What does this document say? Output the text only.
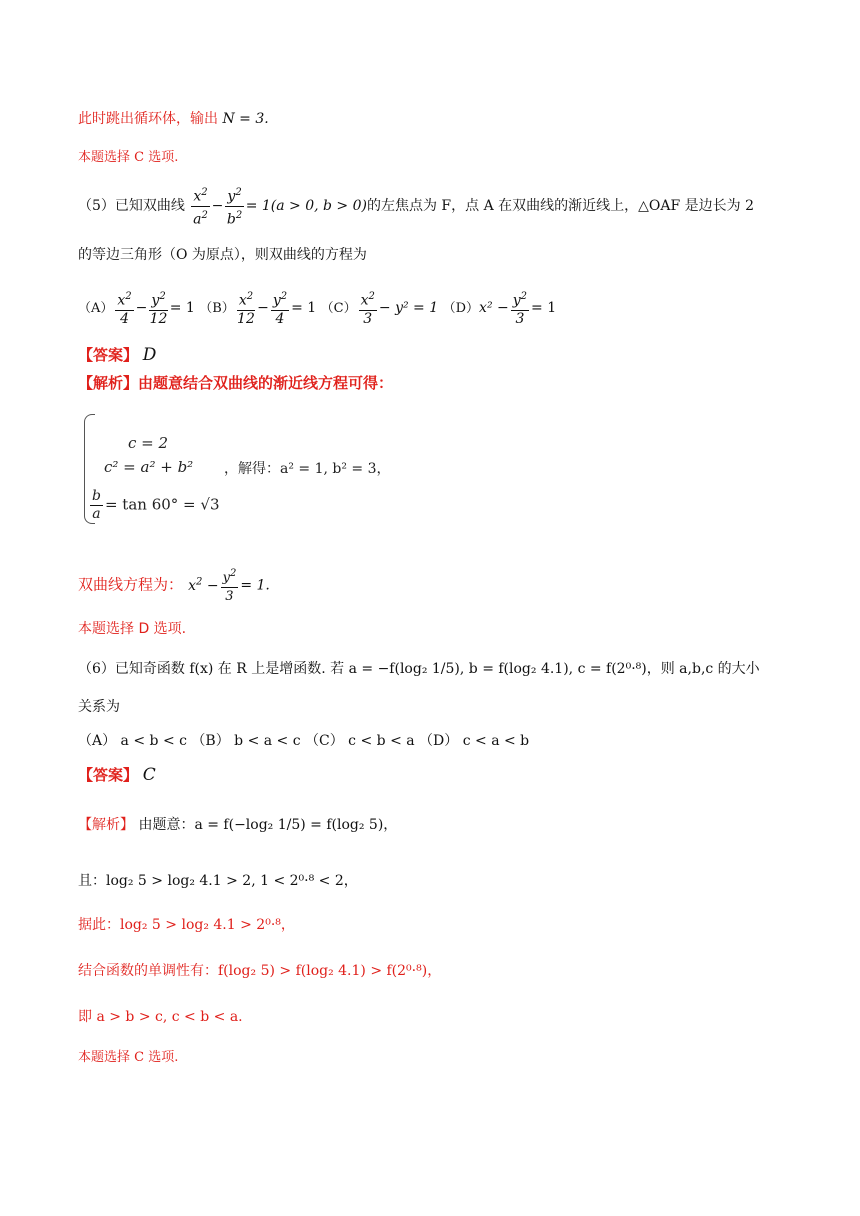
此时跳出循环体，输出 N = 3.
本题选择 C 选项.
（5）已知双曲线 $\frac{x^2}{a^2} - \frac{y^2}{b^2} = 1(a > 0$, b > 0)的左焦点为 F，点 A 在双曲线的渐近线上，△OAF 是边长为 2
的等边三角形（O 为原点），则双曲线的方程为
$(A) \frac{x^2}{4} - \frac{y^2}{12} = 1$ $(B) \frac{x^2}{12} - \frac{y^2}{4} = 1$ $(C) \frac{x^2}{3} - y^2 = 1$ $(D)x^2 - \frac{y^2}{3} = 1$
【答案】 D
【解析】由题意结合双曲线的渐近线方程可得：
c = 2
c² = a² + b² ，解得：a² = 1, b² = 3，
$\frac{b}{a} = \tan 60^\circ = √3$
双曲线方程为： $x^2 - \frac{y^2}{3} = 1$.
本题选择 D 选项.
（6）已知奇函数 f(x) 在 R 上是增函数. 若 a = −f(log₂ 1/5), b = f(log₂ 4.1), c = f(2⁰·⁸)，则 a,b,c 的大小
关系为
（A） a < b < c （B） b < a < c （C） c < b < a （D） c < a < b
【答案】 C
【解析】 由题意：a = f(−log₂ 1/5) = f(log₂ 5)，
且：log₂ 5 > log₂ 4.1 > 2, 1 < 2⁰·⁸ < 2，
据此：log₂ 5 > log₂ 4.1 > 2⁰·⁸，
结合函数的单调性有：f(log₂ 5) > f(log₂ 4.1) > f(2⁰·⁸)，
即 a > b > c, c < b < a.
本题选择 C 选项.
